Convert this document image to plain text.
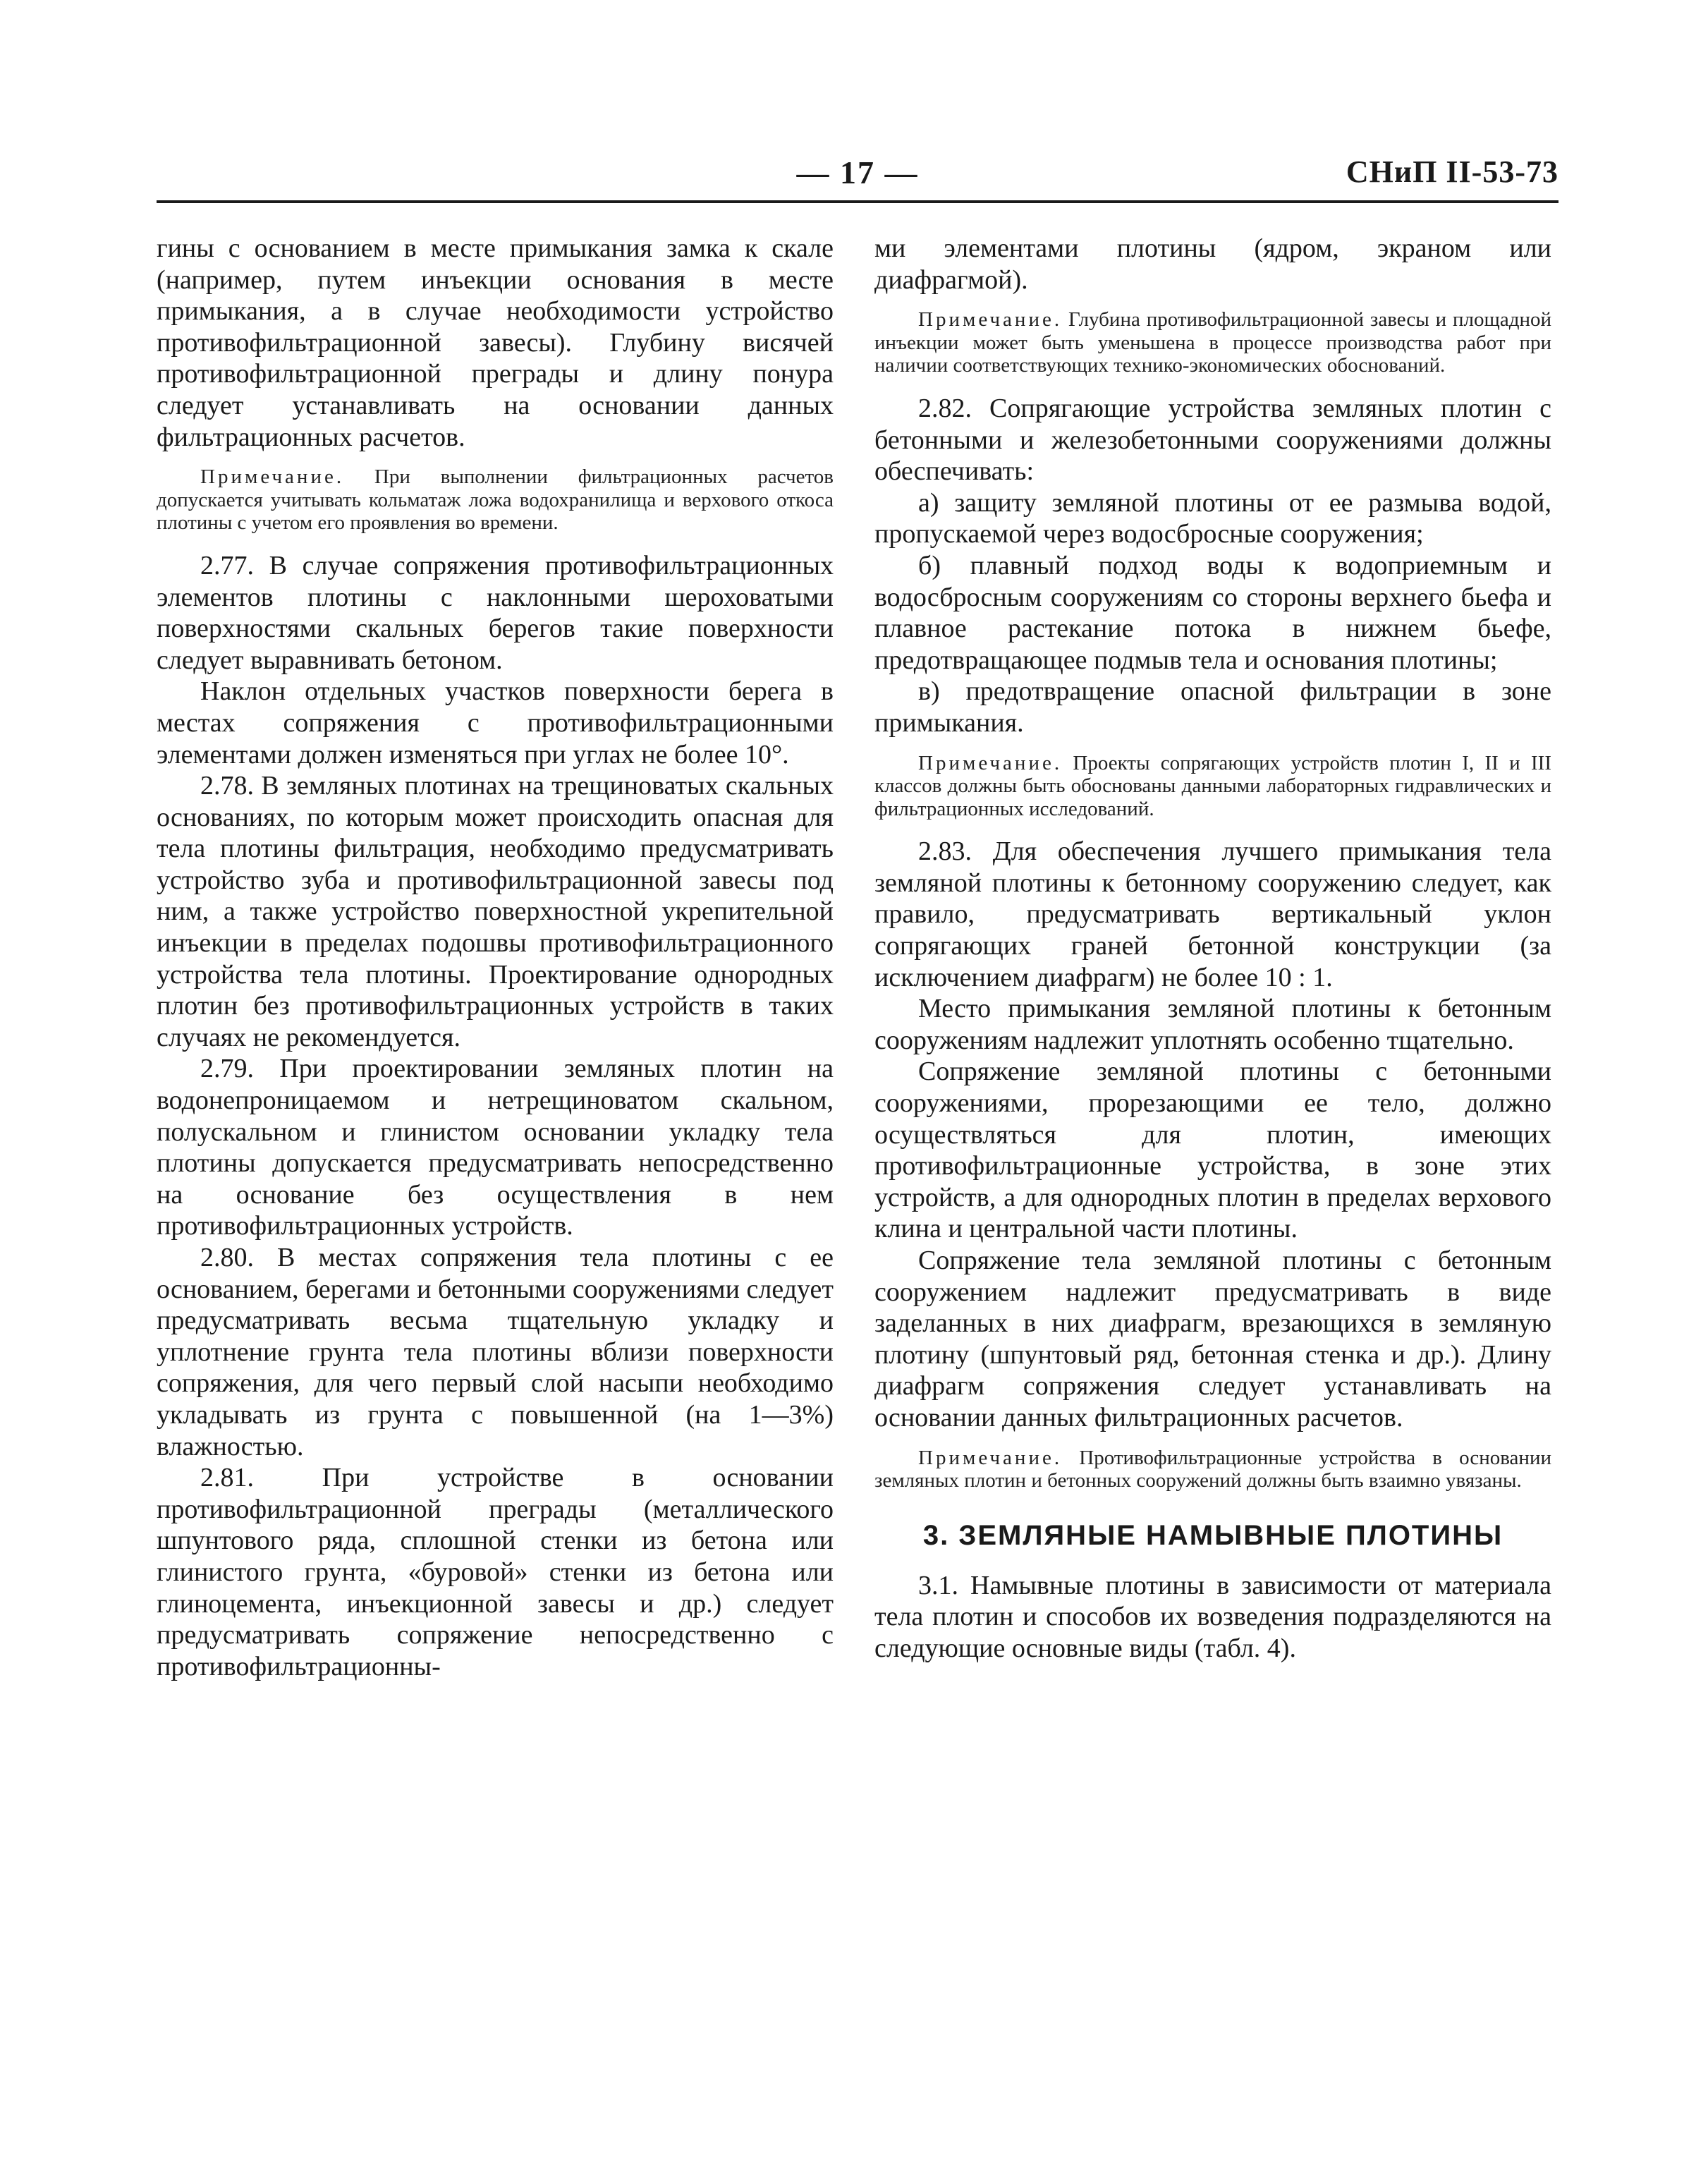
— 17 —	СНиП II-53-73

гины с основанием в месте примыкания замка к скале (например, путем инъекции основания в месте примыкания, а в случае необходимости устройство противофильтрационной завесы). Глубину висячей противофильтрационной преграды и длину понура следует устанавливать на основании данных фильтрационных расчетов.

Примечание. При выполнении фильтрационных расчетов допускается учитывать кольматаж ложа водохранилища и верхового откоса плотины с учетом его проявления во времени.

2.77. В случае сопряжения противофильтрационных элементов плотины с наклонными шероховатыми поверхностями скальных берегов такие поверхности следует выравнивать бетоном.

Наклон отдельных участков поверхности берега в местах сопряжения с противофильтрационными элементами должен изменяться при углах не более 10°.

2.78. В земляных плотинах на трещиноватых скальных основаниях, по которым может происходить опасная для тела плотины фильтрация, необходимо предусматривать устройство зуба и противофильтрационной завесы под ним, а также устройство поверхностной укрепительной инъекции в пределах подошвы противофильтрационного устройства тела плотины. Проектирование однородных плотин без противофильтрационных устройств в таких случаях не рекомендуется.

2.79. При проектировании земляных плотин на водонепроницаемом и нетрещиноватом скальном, полускальном и глинистом основании укладку тела плотины допускается предусматривать непосредственно на основание без осуществления в нем противофильтрационных устройств.

2.80. В местах сопряжения тела плотины с ее основанием, берегами и бетонными сооружениями следует предусматривать весьма тщательную укладку и уплотнение грунта тела плотины вблизи поверхности сопряжения, для чего первый слой насыпи необходимо укладывать из грунта с повышенной (на 1—3%) влажностью.

2.81. При устройстве в основании противофильтрационной преграды (металлического шпунтового ряда, сплошной стенки из бетона или глинистого грунта, «буровой» стенки из бетона или глиноцемента, инъекционной завесы и др.) следует предусматривать сопряжение непосредственно с противофильтрационны-

ми элементами плотины (ядром, экраном или диафрагмой).

Примечание. Глубина противофильтрационной завесы и площадной инъекции может быть уменьшена в процессе производства работ при наличии соответствующих технико-экономических обоснований.

2.82. Сопрягающие устройства земляных плотин с бетонными и железобетонными сооружениями должны обеспечивать:

а) защиту земляной плотины от ее размыва водой, пропускаемой через водосбросные сооружения;

б) плавный подход воды к водоприемным и водосбросным сооружениям со стороны верхнего бьефа и плавное растекание потока в нижнем бьефе, предотвращающее подмыв тела и основания плотины;

в) предотвращение опасной фильтрации в зоне примыкания.

Примечание. Проекты сопрягающих устройств плотин I, II и III классов должны быть обоснованы данными лабораторных гидравлических и фильтрационных исследований.

2.83. Для обеспечения лучшего примыкания тела земляной плотины к бетонному сооружению следует, как правило, предусматривать вертикальный уклон сопрягающих граней бетонной конструкции (за исключением диафрагм) не более 10 : 1.

Место примыкания земляной плотины к бетонным сооружениям надлежит уплотнять особенно тщательно.

Сопряжение земляной плотины с бетонными сооружениями, прорезающими ее тело, должно осуществляться для плотин, имеющих противофильтрационные устройства, в зоне этих устройств, а для однородных плотин в пределах верхового клина и центральной части плотины.

Сопряжение тела земляной плотины с бетонным сооружением надлежит предусматривать в виде заделанных в них диафрагм, врезающихся в земляную плотину (шпунтовый ряд, бетонная стенка и др.). Длину диафрагм сопряжения следует устанавливать на основании данных фильтрационных расчетов.

Примечание. Противофильтрационные устройства в основании земляных плотин и бетонных сооружений должны быть взаимно увязаны.

3. ЗЕМЛЯНЫЕ НАМЫВНЫЕ ПЛОТИНЫ

3.1. Намывные плотины в зависимости от материала тела плотин и способов их возведения подразделяются на следующие основные виды (табл. 4).
